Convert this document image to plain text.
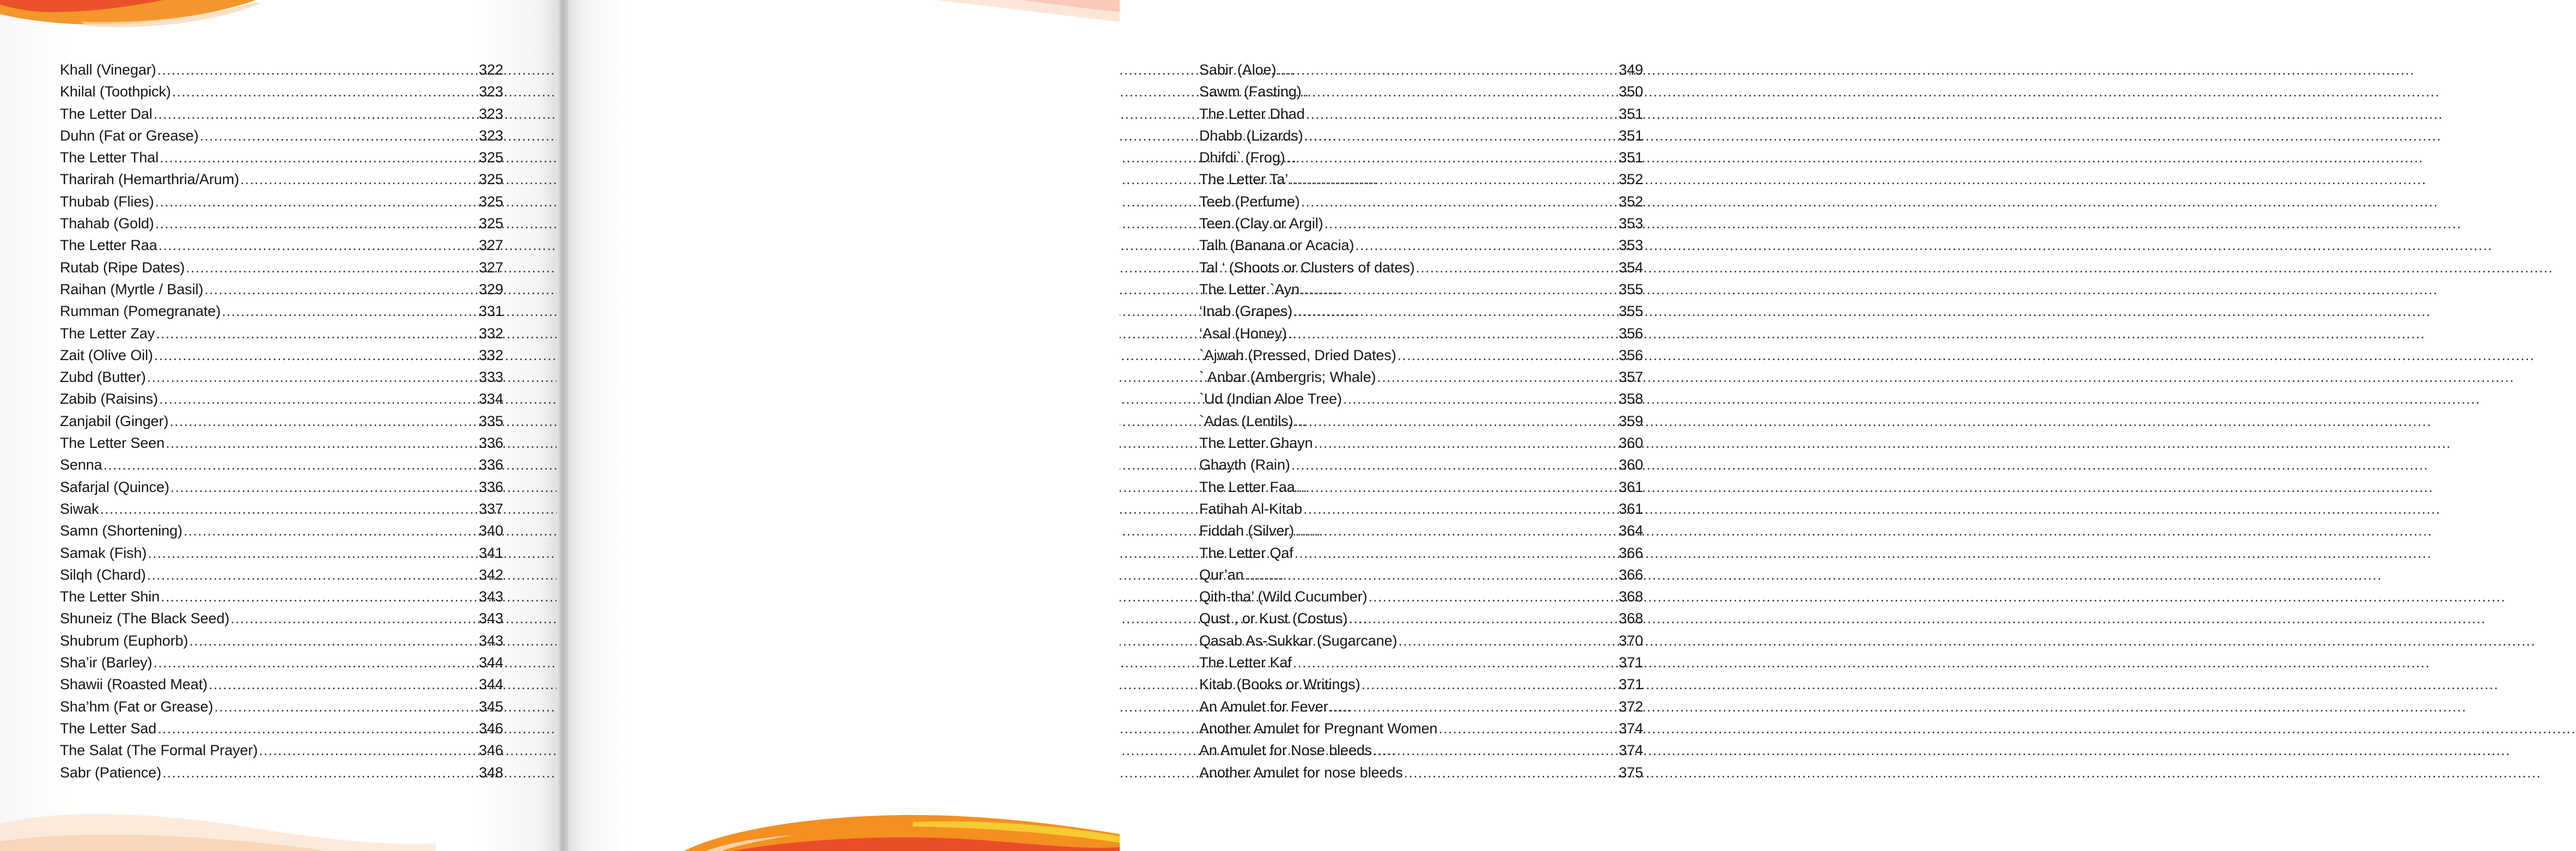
Khall (Vinegar) .....	322
Khilal (Toothpick) .....	323
The Letter Dal .....	323
Duhn (Fat or Grease) .....	323
The Letter Thal .....	325
Tharirah (Hemarthria/Arum) .....	325
Thubab (Flies) .....	325
Thahab (Gold) .....	325
The Letter Raa .....	327
Rutab (Ripe Dates) .....	327
Raihan (Myrtle / Basil) .....	329
Rumman (Pomegranate) .....	331
The Letter Zay .....	332
Zait (Olive Oil) .....	332
Zubd (Butter) .....	333
Zabib (Raisins) .....	334
Zanjabil (Ginger) .....	335
The Letter Seen .....	336
Senna .....	336
Safarjal (Quince) .....	336
Siwak .....	337
Samn (Shortening) .....	340
Samak (Fish) .....	341
Silqh (Chard) .....	342
The Letter Shin .....	343
Shuneiz (The Black Seed) .....	343
Shubrum (Euphorb) .....	343
Sha’ir (Barley) .....	344
Shawii (Roasted Meat) .....	344
Sha’hm (Fat or Grease) .....	345
The Letter Sad .....	346
The Salat (The Formal Prayer) .....	346
Sabr (Patience) .....	348
Sabir (Aloe) .....	349
Sawm (Fasting) .....	350
The Letter Dhad .....	351
Dhabb (Lizards) .....	351
Dhifdi` (Frog) .....	351
The Letter Ta’ .....	352
Teeb (Perfume) .....	352
Teen (Clay or Argil) .....	353
Talh (Banana or Acacia) .....	353
Tal ‘ (Shoots or Clusters of dates) .....	354
The Letter `Ayn .....	355
‘Inab (Grapes) .....	355
‘Asal (Honey) .....	356
`Ajwah (Pressed, Dried Dates) .....	356
` Anbar (Ambergris; Whale) .....	357
`Ud (Indian Aloe Tree) .....	358
`Adas (Lentils) .....	359
The Letter Ghayn .....	360
Ghayth (Rain) .....	360
The Letter Faa .....	361
Fatihah Al-Kitab .....	361
Fiddah (Silver) .....	364
The Letter Qaf .....	366
Qur’an .....	366
Qith-tha’ (Wild Cucumber) .....	368
Qust , or Kust (Costus) .....	368
Qasab As-Sukkar (Sugarcane) .....	370
The Letter Kaf .....	371
Kitab (Books or Writings) .....	371
An Amulet for Fever .....	372
Another Amulet for Pregnant Women .....	374
An Amulet for Nose bleeds .....	374
Another Amulet for nose bleeds .....	375
